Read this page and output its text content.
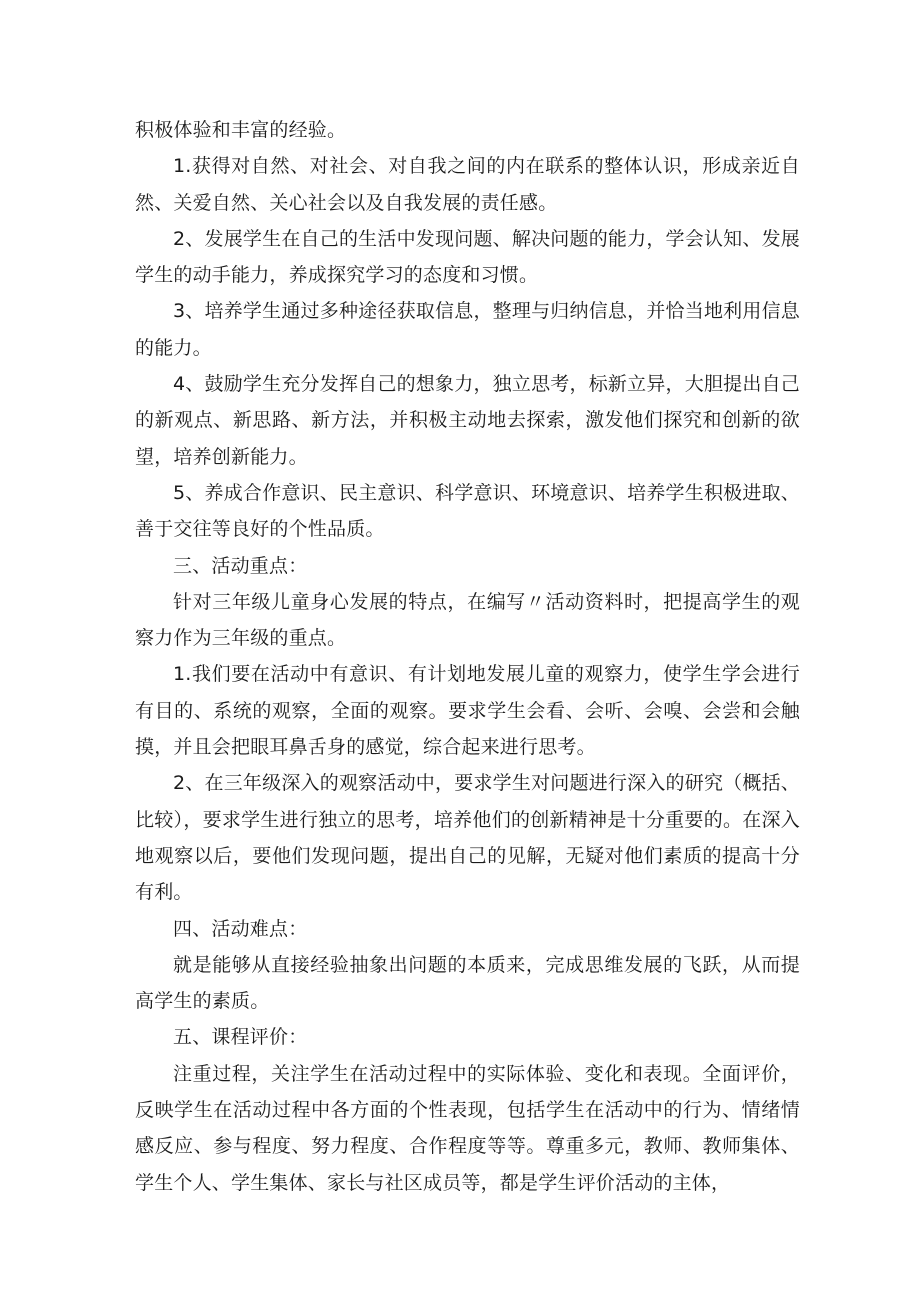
积极体验和丰富的经验。

1.获得对自然、对社会、对自我之间的内在联系的整体认识，形成亲近自然、关爱自然、关心社会以及自我发展的责任感。

2、发展学生在自己的生活中发现问题、解决问题的能力，学会认知、发展学生的动手能力，养成探究学习的态度和习惯。

3、培养学生通过多种途径获取信息，整理与归纳信息，并恰当地利用信息的能力。

4、鼓励学生充分发挥自己的想象力，独立思考，标新立异，大胆提出自己的新观点、新思路、新方法，并积极主动地去探索，激发他们探究和创新的欲望，培养创新能力。

5、养成合作意识、民主意识、科学意识、环境意识、培养学生积极进取、善于交往等良好的个性品质。

三、活动重点：

针对三年级儿童身心发展的特点，在编写〃活动资料时，把提高学生的观察力作为三年级的重点。

1.我们要在活动中有意识、有计划地发展儿童的观察力，使学生学会进行有目的、系统的观察，全面的观察。要求学生会看、会听、会嗅、会尝和会触摸，并且会把眼耳鼻舌身的感觉，综合起来进行思考。

2、在三年级深入的观察活动中，要求学生对问题进行深入的研究（概括、比较），要求学生进行独立的思考，培养他们的创新精神是十分重要的。在深入地观察以后，要他们发现问题，提出自己的见解，无疑对他们素质的提高十分有利。

四、活动难点：

就是能够从直接经验抽象出问题的本质来，完成思维发展的飞跃，从而提高学生的素质。

五、课程评价：

注重过程，关注学生在活动过程中的实际体验、变化和表现。全面评价，反映学生在活动过程中各方面的个性表现，包括学生在活动中的行为、情绪情感反应、参与程度、努力程度、合作程度等等。尊重多元，教师、教师集体、学生个人、学生集体、家长与社区成员等，都是学生评价活动的主体，
